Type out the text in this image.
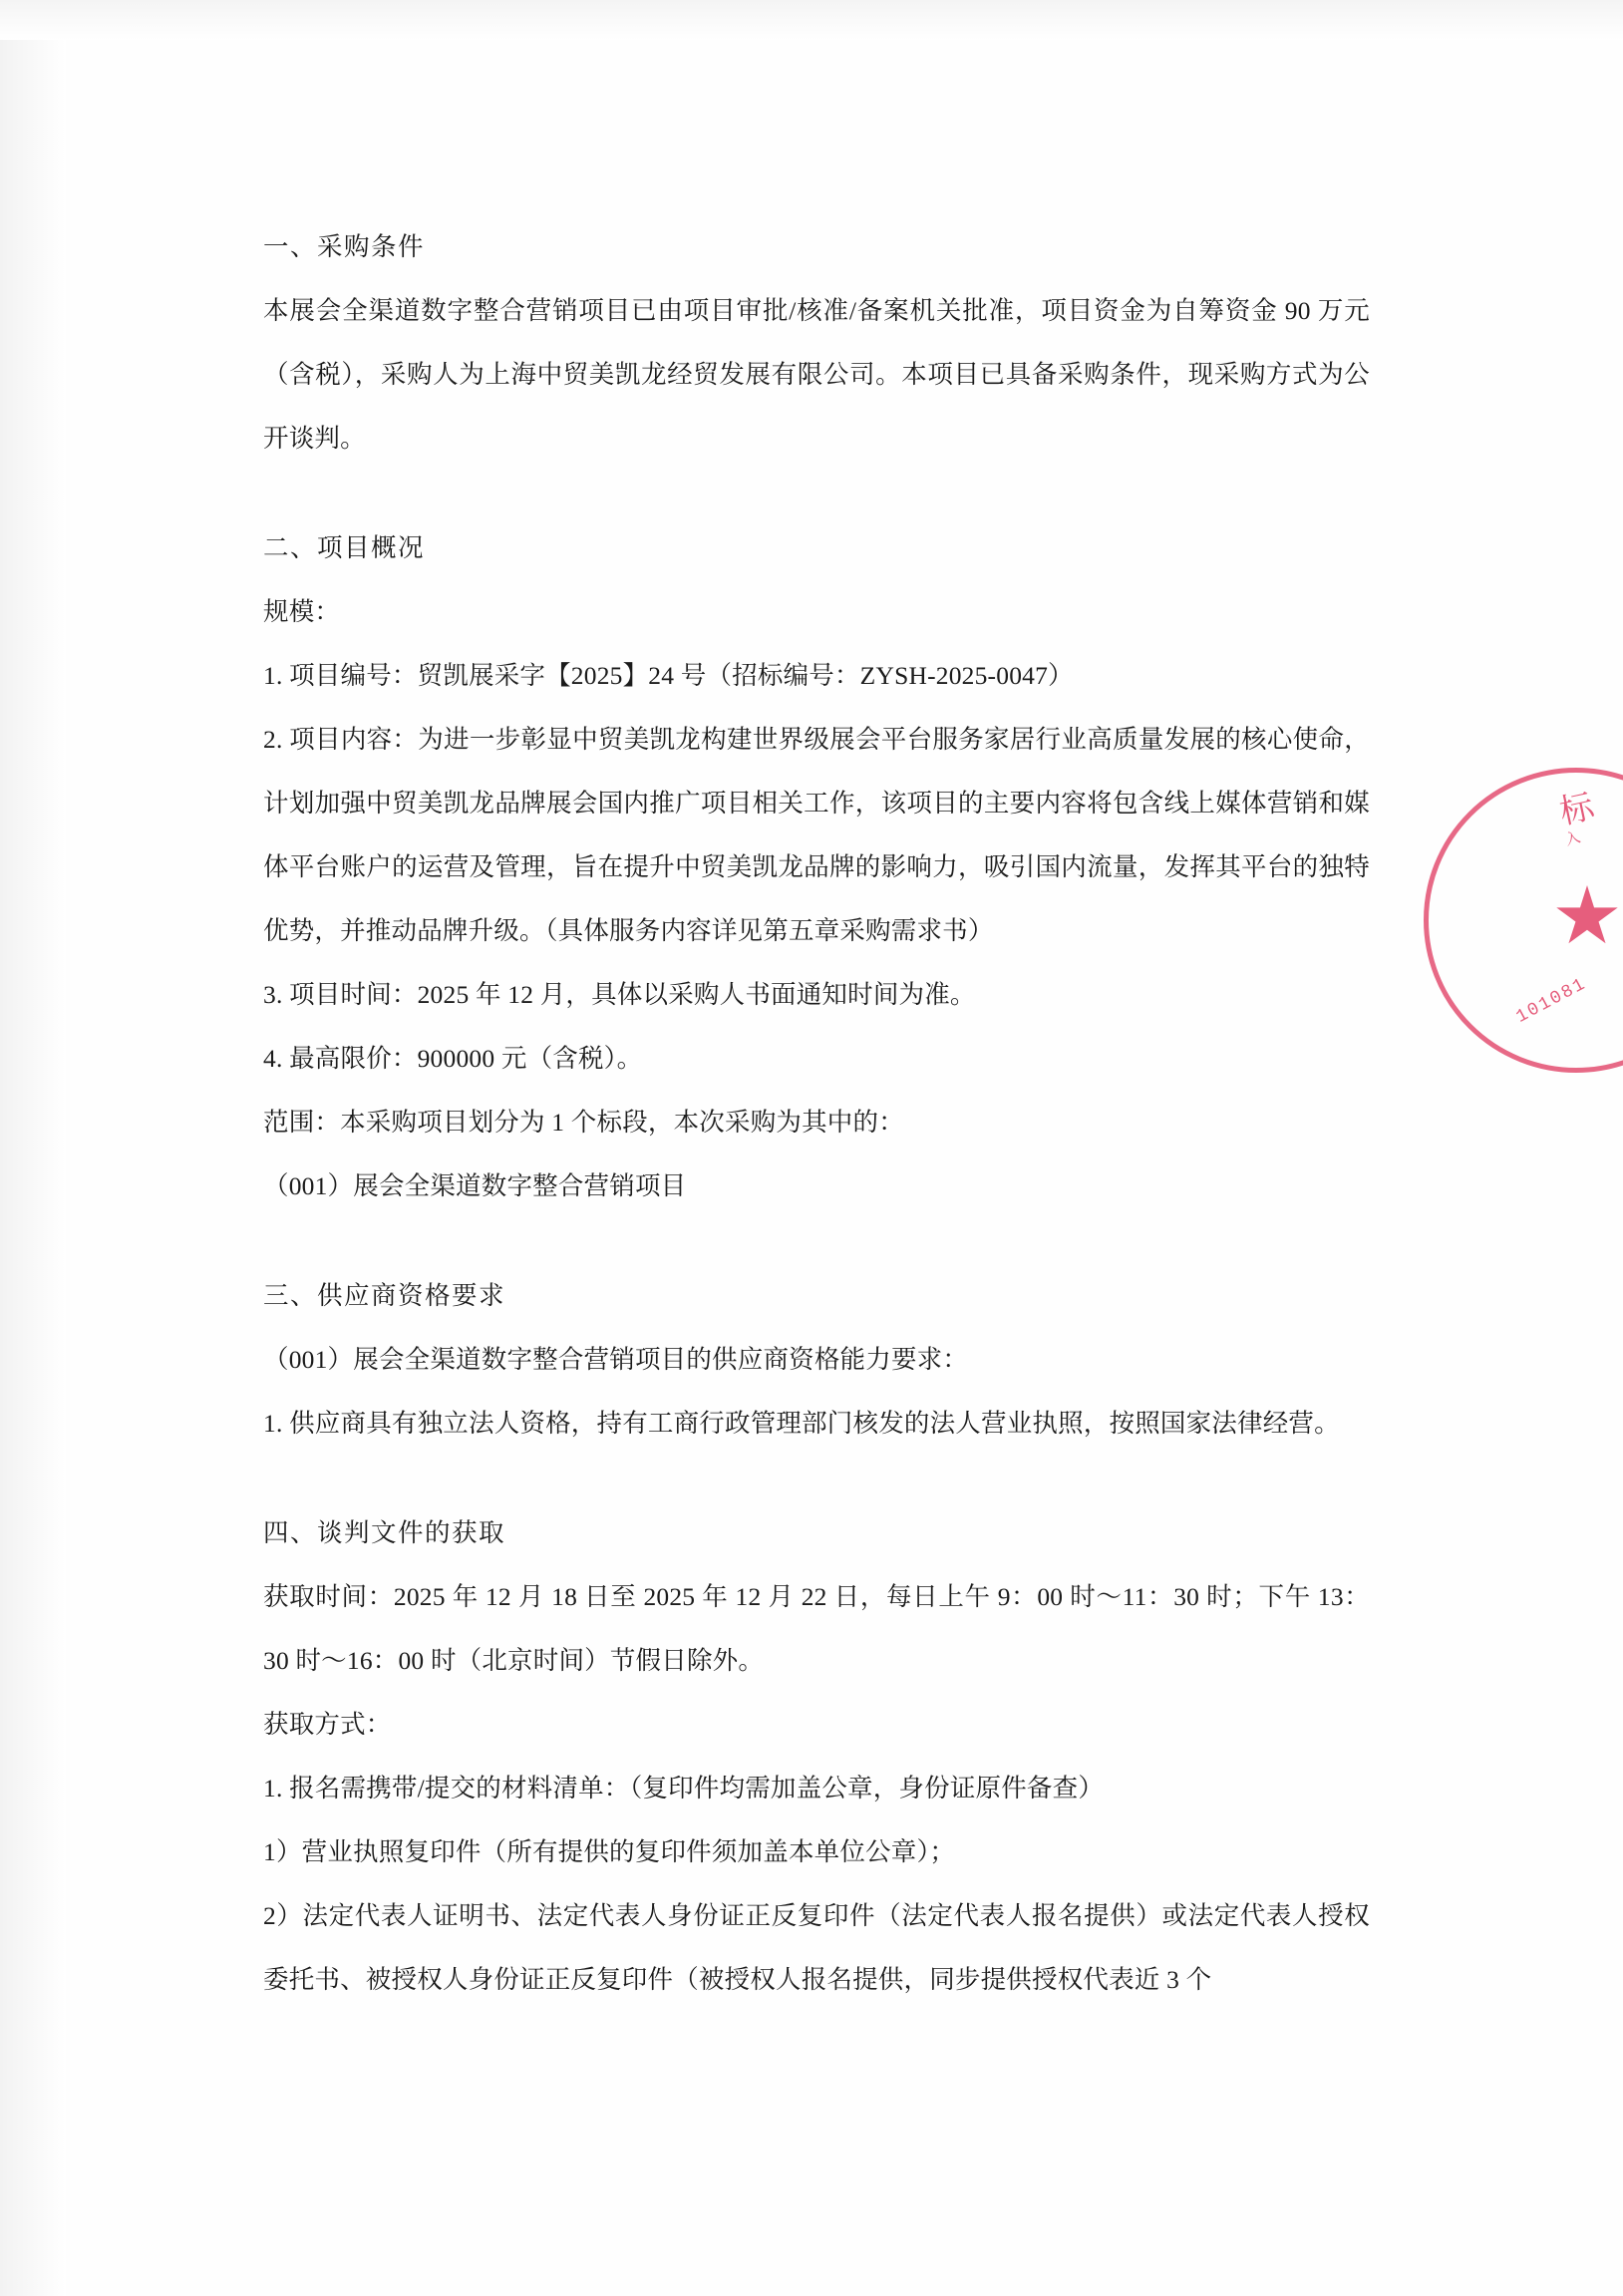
一、采购条件
本展会全渠道数字整合营销项目已由项目审批/核准/备案机关批准，项目资金为自筹资金 90 万元（含税），采购人为上海中贸美凯龙经贸发展有限公司。本项目已具备采购条件，现采购方式为公开谈判。
二、项目概况
规模：
1. 项目编号：贸凯展采字【2025】24 号（招标编号：ZYSH-2025-0047）
2. 项目内容：为进一步彰显中贸美凯龙构建世界级展会平台服务家居行业高质量发展的核心使命，计划加强中贸美凯龙品牌展会国内推广项目相关工作，该项目的主要内容将包含线上媒体营销和媒体平台账户的运营及管理，旨在提升中贸美凯龙品牌的影响力，吸引国内流量，发挥其平台的独特优势，并推动品牌升级。（具体服务内容详见第五章采购需求书）
3. 项目时间：2025 年 12 月，具体以采购人书面通知时间为准。
4. 最高限价：900000 元（含税）。
范围：本采购项目划分为 1 个标段，本次采购为其中的：
（001）展会全渠道数字整合营销项目
三、供应商资格要求
（001）展会全渠道数字整合营销项目的供应商资格能力要求：
1. 供应商具有独立法人资格，持有工商行政管理部门核发的法人营业执照，按照国家法律经营。
四、谈判文件的获取
获取时间：2025 年 12 月 18 日至 2025 年 12 月 22 日，每日上午 9：00 时～11：30 时；下午 13：30 时～16：00 时（北京时间）节假日除外。
获取方式：
1. 报名需携带/提交的材料清单：（复印件均需加盖公章，身份证原件备查）
1）营业执照复印件（所有提供的复印件须加盖本单位公章）；
2）法定代表人证明书、法定代表人身份证正反复印件（法定代表人报名提供）或法定代表人授权委托书、被授权人身份证正反复印件（被授权人报名提供，同步提供授权代表近 3 个
标
入
101081
